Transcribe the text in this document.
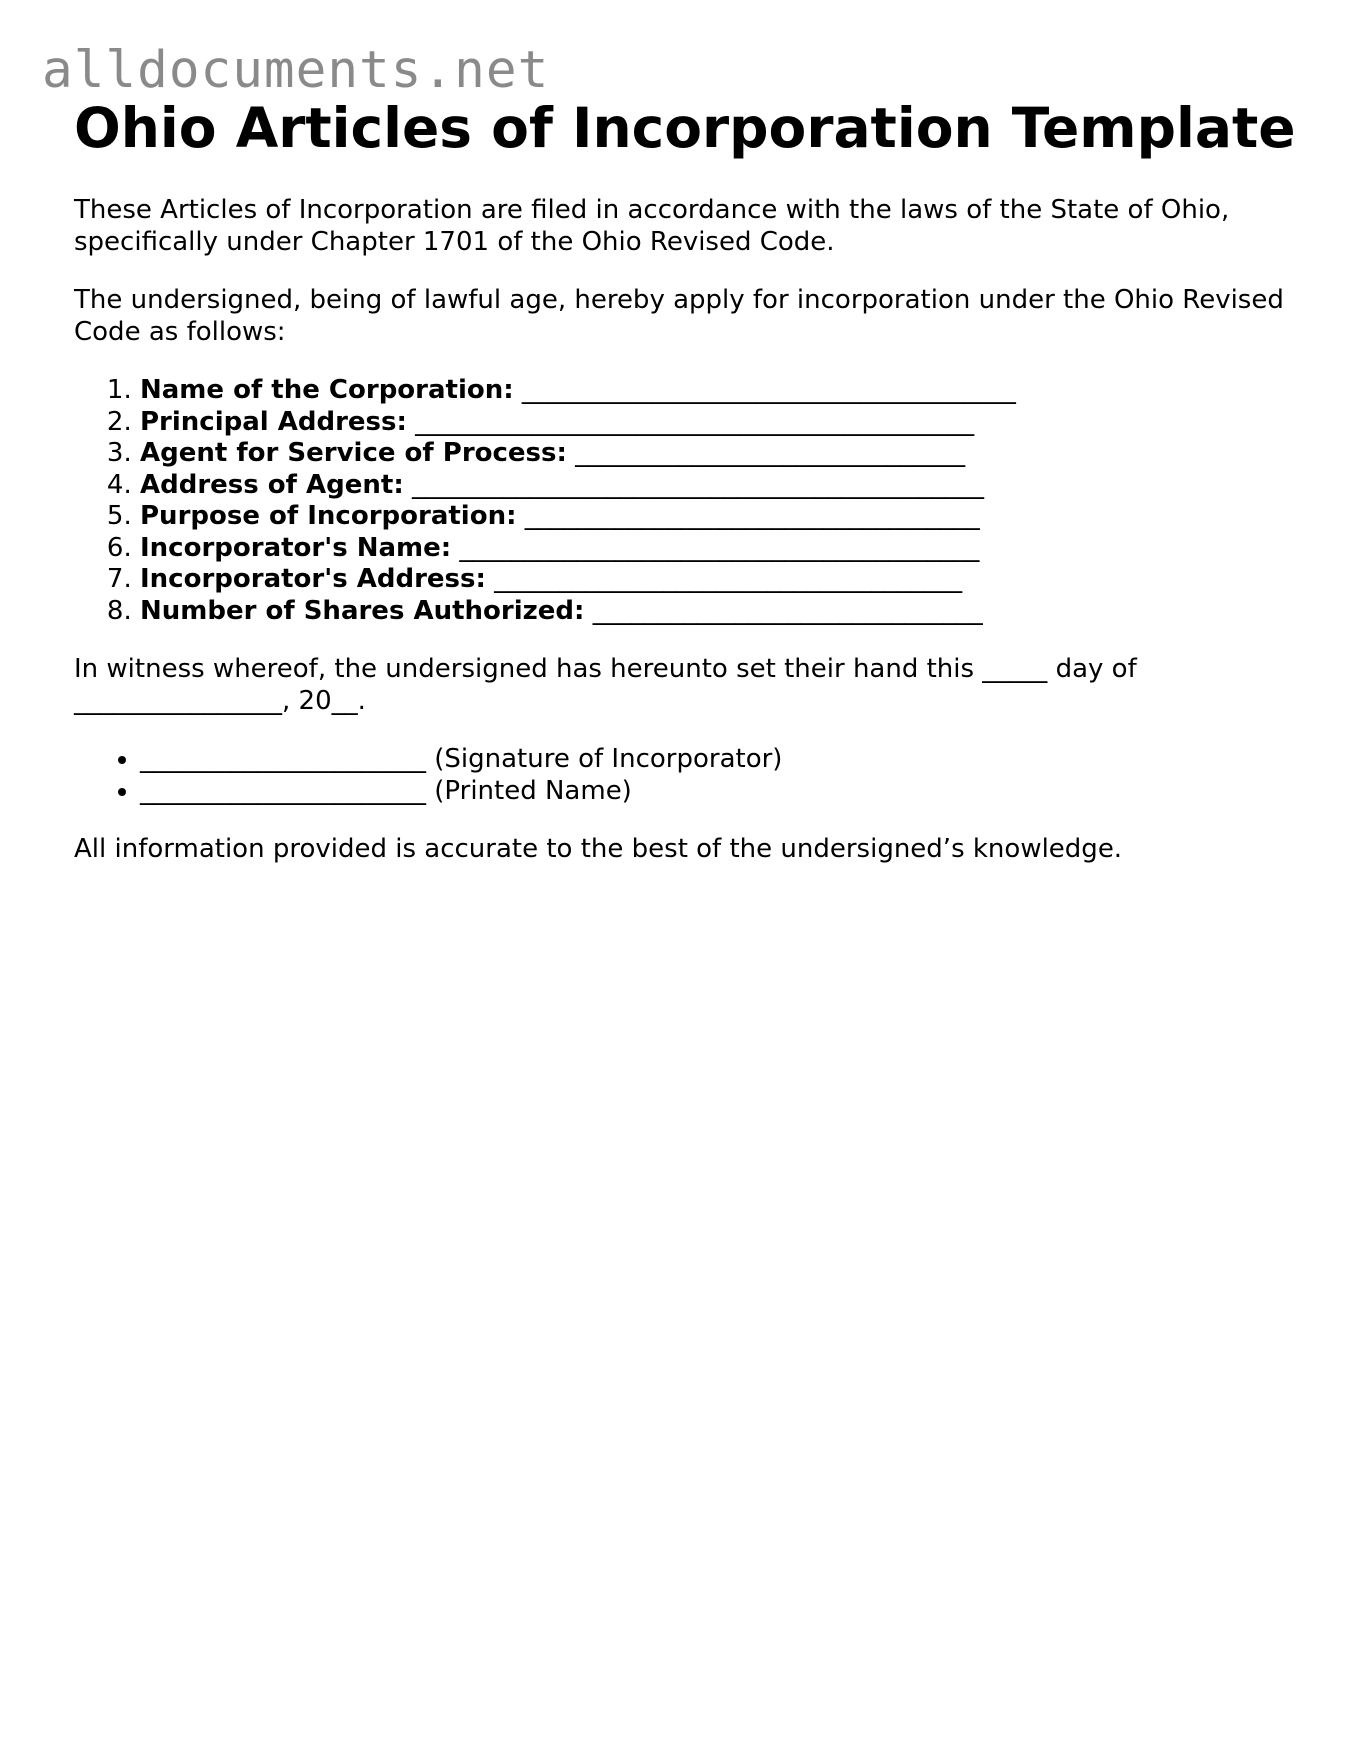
alldocuments.net
Ohio Articles of Incorporation Template

These Articles of Incorporation are filed in accordance with the laws of the State of Ohio, specifically under Chapter 1701 of the Ohio Revised Code.

The undersigned, being of lawful age, hereby apply for incorporation under the Ohio Revised Code as follows:

1. Name of the Corporation: ______________________________________
2. Principal Address: ___________________________________________
3. Agent for Service of Process: ______________________________
4. Address of Agent: ____________________________________________
5. Purpose of Incorporation: ___________________________________
6. Incorporator's Name: ________________________________________
7. Incorporator's Address: ____________________________________
8. Number of Shares Authorized: ______________________________

In witness whereof, the undersigned has hereunto set their hand this _____ day of
________________, 20__.

• ______________________ (Signature of Incorporator)
• ______________________ (Printed Name)

All information provided is accurate to the best of the undersigned’s knowledge.
